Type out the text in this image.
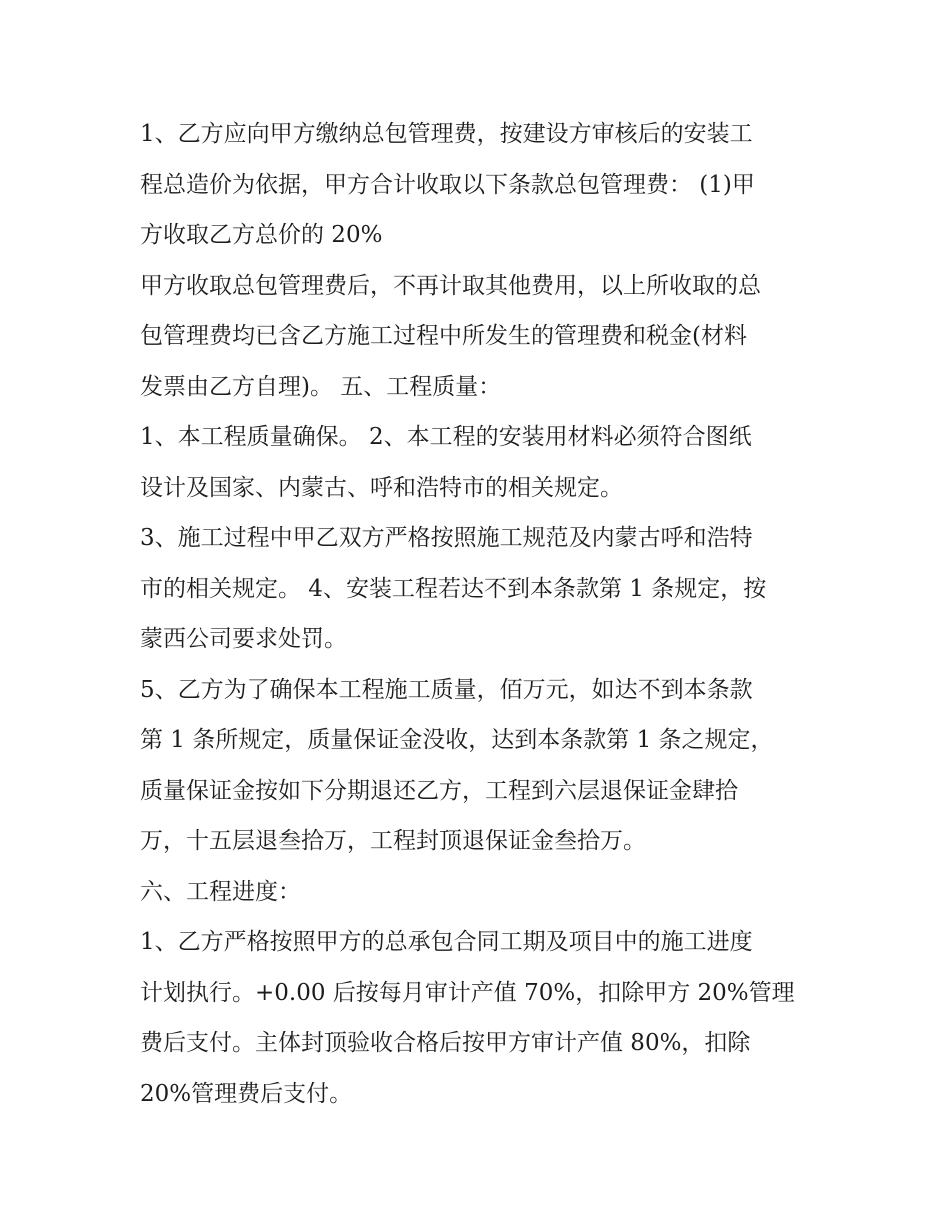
1、乙方应向甲方缴纳总包管理费，按建设方审核后的安装工
程总造价为依据，甲方合计收取以下条款总包管理费： (1)甲
方收取乙方总价的 20%
甲方收取总包管理费后，不再计取其他费用，以上所收取的总
包管理费均已含乙方施工过程中所发生的管理费和税金(材料
发票由乙方自理)。 五、工程质量：
1、本工程质量确保。 2、本工程的安装用材料必须符合图纸
设计及国家、内蒙古、呼和浩特市的相关规定。
3、施工过程中甲乙双方严格按照施工规范及内蒙古呼和浩特
市的相关规定。 4、安装工程若达不到本条款第 1 条规定，按
蒙西公司要求处罚。
5、乙方为了确保本工程施工质量，佰万元，如达不到本条款
第 1 条所规定，质量保证金没收，达到本条款第 1 条之规定，
质量保证金按如下分期退还乙方，工程到六层退保证金肆拾
万，十五层退叁拾万，工程封顶退保证金叁拾万。
六、工程进度：
1、乙方严格按照甲方的总承包合同工期及项目中的施工进度
计划执行。+0.00 后按每月审计产值 70%，扣除甲方 20%管理
费后支付。主体封顶验收合格后按甲方审计产值 80%，扣除
20%管理费后支付。
